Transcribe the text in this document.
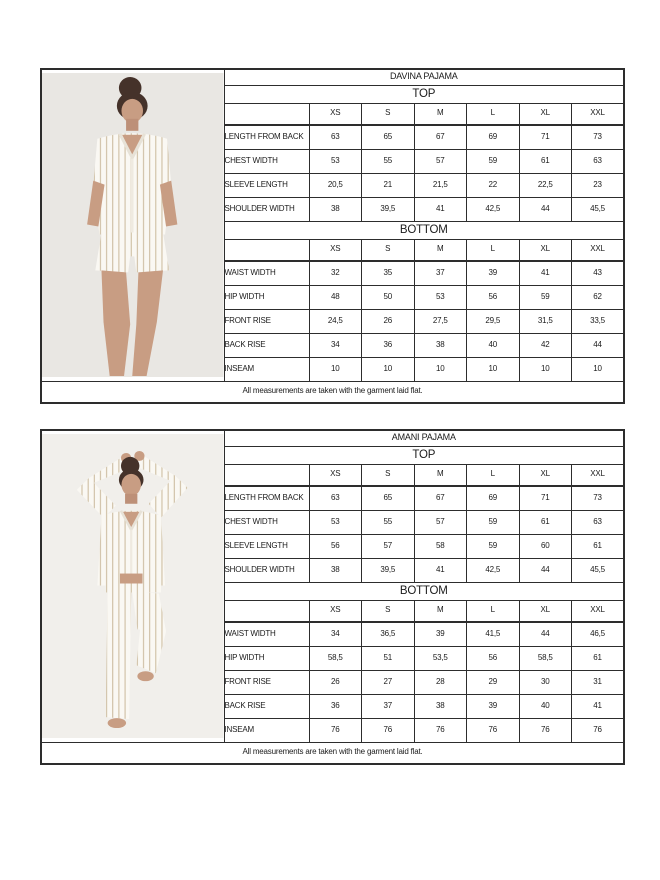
	DAVINA PAJAMA						
	TOP						
		XS	S	M	L	XL	XXL
	LENGTH FROM BACK	63	65	67	69	71	73
	CHEST WIDTH	53	55	57	59	61	63
	SLEEVE LENGTH	20,5	21	21,5	22	22,5	23
	SHOULDER WIDTH	38	39,5	41	42,5	44	45,5
	BOTTOM						
		XS	S	M	L	XL	XXL
	WAIST WIDTH	32	35	37	39	41	43
	HIP WIDTH	48	50	53	56	59	62
	FRONT RISE	24,5	26	27,5	29,5	31,5	33,5
	BACK RISE	34	36	38	40	42	44
	INSEAM	10	10	10	10	10	10
All measurements are taken with the garment laid flat.							
	AMANI PAJAMA						
	TOP						
		XS	S	M	L	XL	XXL
	LENGTH FROM BACK	63	65	67	69	71	73
	CHEST WIDTH	53	55	57	59	61	63
	SLEEVE LENGTH	56	57	58	59	60	61
	SHOULDER WIDTH	38	39,5	41	42,5	44	45,5
	BOTTOM						
		XS	S	M	L	XL	XXL
	WAIST WIDTH	34	36,5	39	41,5	44	46,5
	HIP WIDTH	58,5	51	53,5	56	58,5	61
	FRONT RISE	26	27	28	29	30	31
	BACK RISE	36	37	38	39	40	41
	INSEAM	76	76	76	76	76	76
All measurements are taken with the garment laid flat.							
